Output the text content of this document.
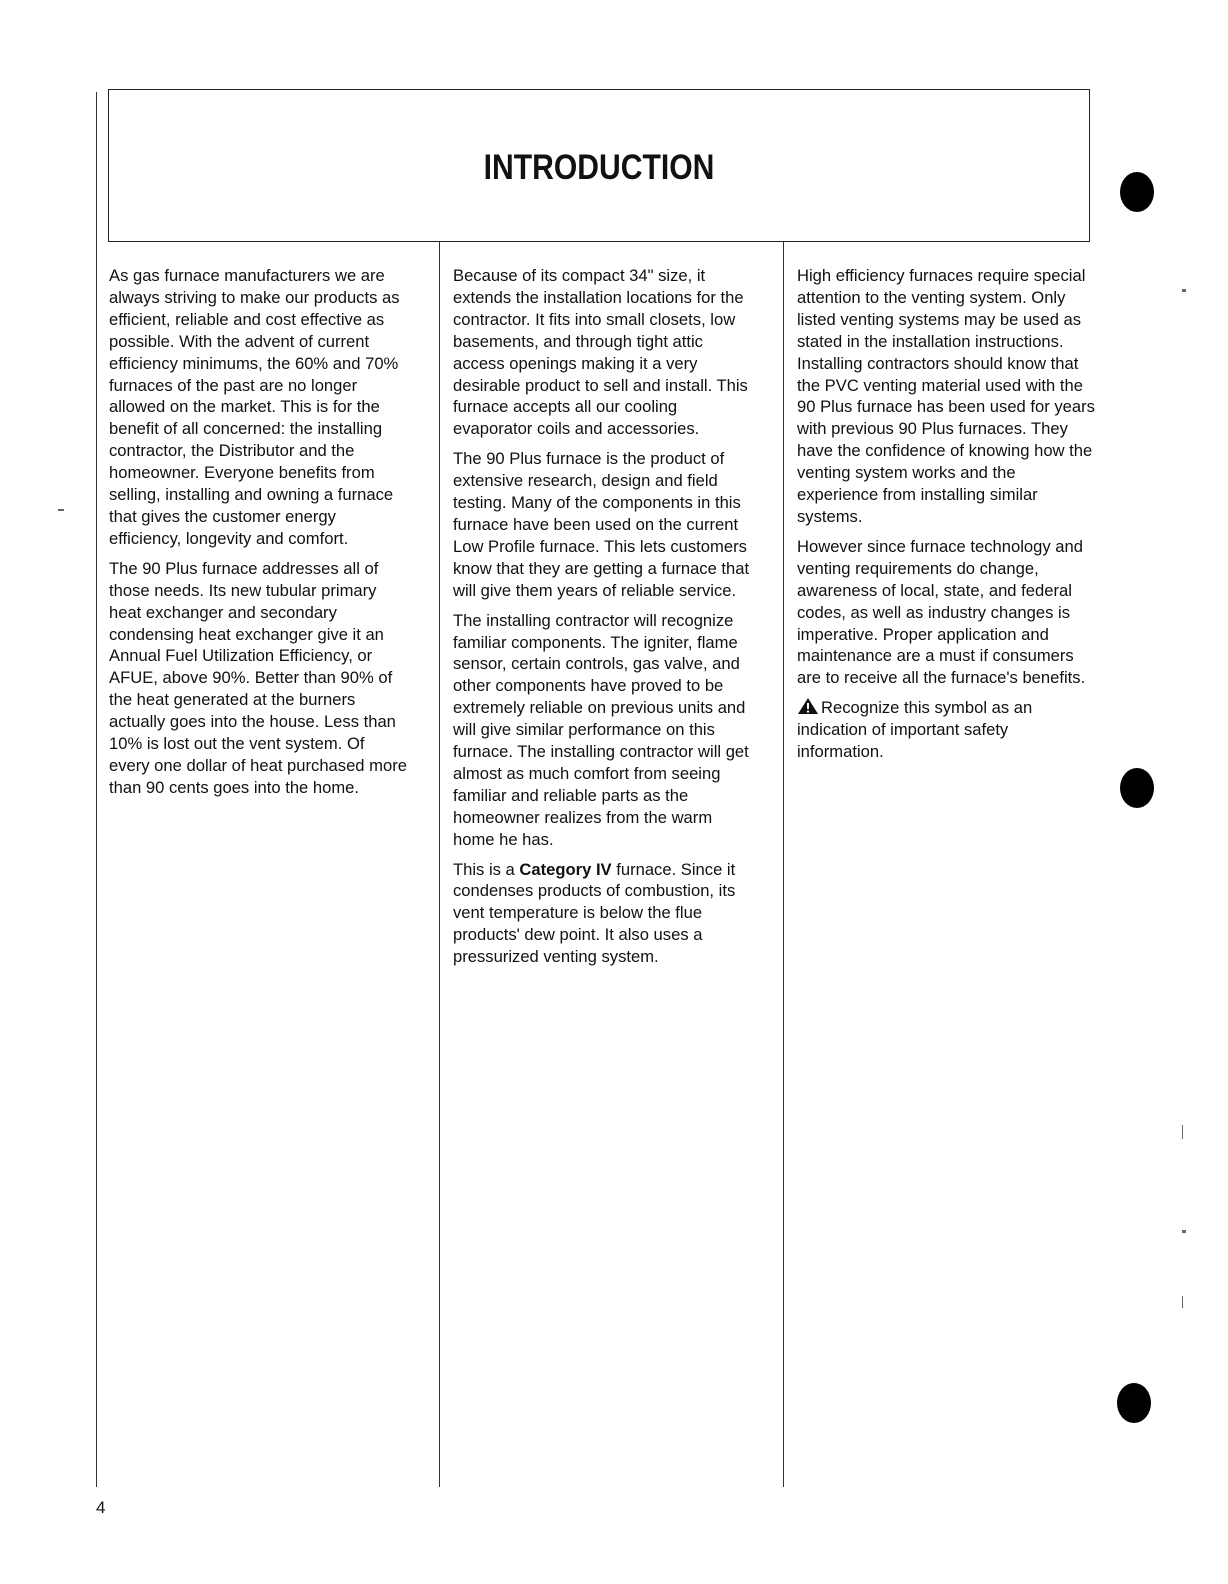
INTRODUCTION

As gas furnace manufacturers we are always striving to make our products as efficient, reliable and cost effective as possible. With the advent of current efficiency minimums, the 60% and 70% furnaces of the past are no longer allowed on the market. This is for the benefit of all concerned: the installing contractor, the Distributor and the homeowner. Everyone benefits from selling, installing and owning a furnace that gives the customer energy efficiency, longevity and comfort.

The 90 Plus furnace addresses all of those needs. Its new tubular primary heat exchanger and secondary condensing heat exchanger give it an Annual Fuel Utilization Efficiency, or AFUE, above 90%. Better than 90% of the heat generated at the burners actually goes into the house. Less than 10% is lost out the vent system. Of every one dollar of heat purchased more than 90 cents goes into the home.

Because of its compact 34" size, it extends the installation locations for the contractor. It fits into small closets, low basements, and through tight attic access openings making it a very desirable product to sell and install. This furnace accepts all our cooling evaporator coils and accessories.

The 90 Plus furnace is the product of extensive research, design and field testing. Many of the components in this furnace have been used on the current Low Profile furnace. This lets customers know that they are getting a furnace that will give them years of reliable service.

The installing contractor will recognize familiar components. The igniter, flame sensor, certain controls, gas valve, and other components have proved to be extremely reliable on previous units and will give similar performance on this furnace. The installing contractor will get almost as much comfort from seeing familiar and reliable parts as the homeowner realizes from the warm home he has.

This is a Category IV furnace. Since it condenses products of combustion, its vent temperature is below the flue products' dew point. It also uses a pressurized venting system.

High efficiency furnaces require special attention to the venting system. Only listed venting systems may be used as stated in the installation instructions. Installing contractors should know that the PVC venting material used with the 90 Plus furnace has been used for years with previous 90 Plus furnaces. They have the confidence of knowing how the venting system works and the experience from installing similar systems.

However since furnace technology and venting requirements do change, awareness of local, state, and federal codes, as well as industry changes is imperative. Proper application and maintenance are a must if consumers are to receive all the furnace's benefits.

Recognize this symbol as an indication of important safety information.

4
